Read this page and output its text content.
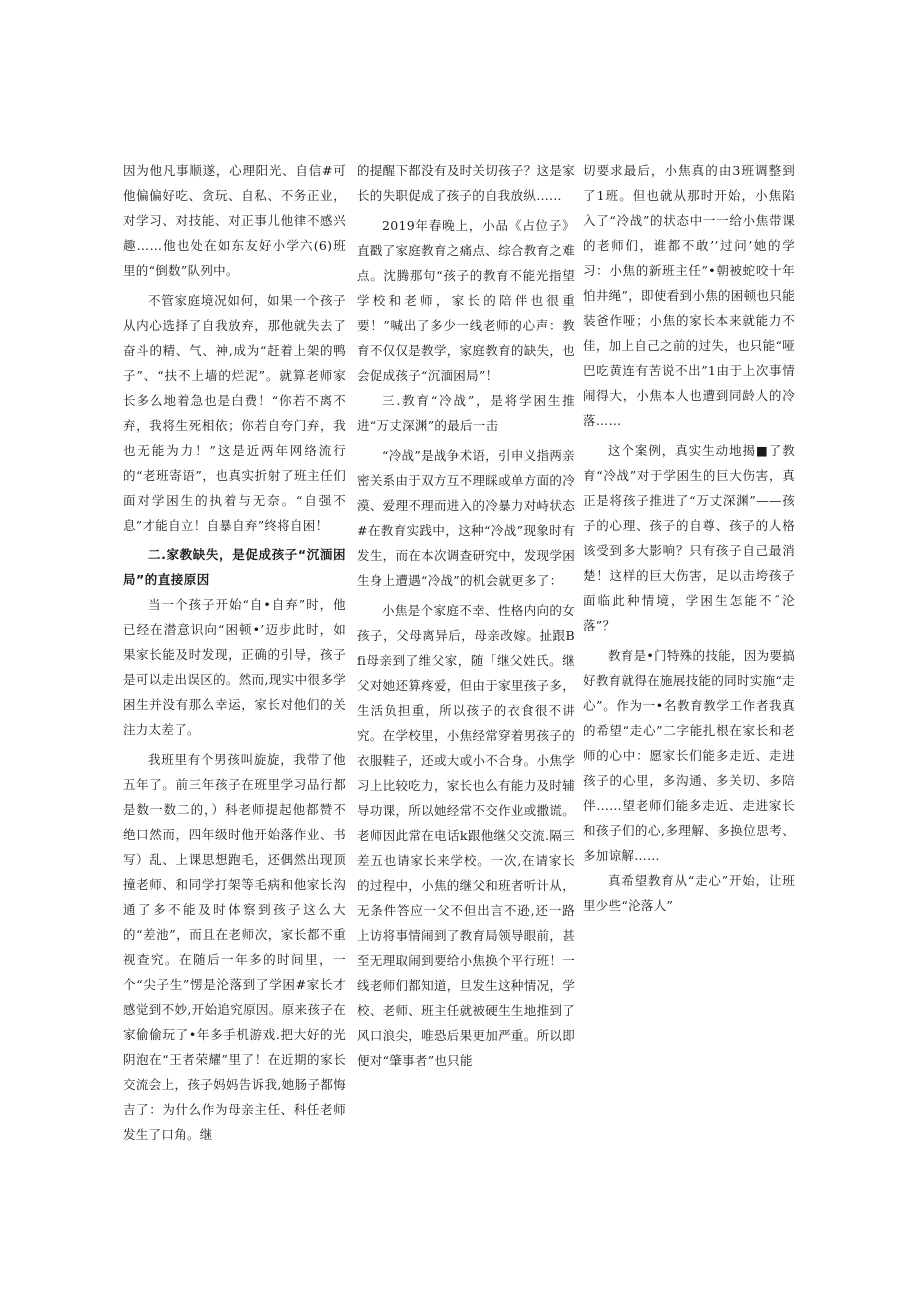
因为他凡事顺遂，心理阳光、自信#可他偏偏好吃、贪玩、自私、不务正业，对学习、对技能、对正事儿他律不感兴趣……他也处在如东友好小学六(6)班里的“倒数”队列中。

不管家庭境况如何，如果一个孩子从内心选择了自我放弃，那他就失去了奋斗的精、气、神,成为“赶着上架的鸭子”、“扶不上墙的烂泥”。就算老师家长多么地着急也是白费！“你若不离不弃，我将生死相依；你若自夸门弃，我也无能为力！”这是近两年网络流行的“老班寄语”，也真实折射了班主任们面对学困生的执着与无奈。“自强不息”才能自立！自暴自弃”终将自困！

二.家教缺失，是促成孩子“沉湎困局”的直接原因

当一个孩子开始“自•自弃”时，他已经在潜意识向“困顿•’迈步此时，如果家长能及时发现，正确的引导，孩子是可以走出误区的。然而,现实中很多学困生并没有那么幸运，家长对他们的关注力太差了。

我班里有个男孩叫旋旋，我带了他五年了。前三年孩子在班里学习品行都是数一数二的，）科老师提起他都赞不绝口然而，四年级时他开始落作业、书写）乱、上课思想跑毛，还偶然出现顶撞老师、和同学打架等毛病和他家长沟通了多不能及时体察到孩子这么大的“差池”，而且在老师次，家长都不重视查究。在随后一年多的时间里，一个“尖子生”愣是沦落到了学困#家长才感觉到不妙,开始追究原因。原来孩子在家偷偷玩了•年多手机游戏.把大好的光阴泡在“王者荣耀”里了！在近期的家长交流会上，孩子妈妈告诉我,她肠子都悔吉了：为什么作为母亲主任、科任老师发生了口角。继

的提醒下都没有及时关切孩子？这是家长的失职促成了孩子的自我放纵……

2019年春晚上，小品《占位子》直戳了家庭教育之痛点、综合教育之难点。沈腾那句“孩子的教育不能光指望学校和老师，家长的陪伴也很重要！”喊出了多少一线老师的心声：教育不仅仅是教学，家庭教育的缺失，也会促成孩子“沉湎困局”！

三.教育“冷战”，是将学困生推进“万丈深渊”的最后一击

“冷战”是战争术语，引申义指两亲密关系由于双方互不理睬或单方面的冷漠、爱理不理而进入的冷暴力对峙状态#在教育实践中，这种“冷战”现象时有发生，而在本次调查研究中，发现学困生身上遭遇“冷战”的机会就更多了：

小焦是个家庭不幸、性格内向的女孩子，父母离异后，母亲改嫁。扯跟Bfi母亲到了维父家，随「继父姓氏。继父对她还算疼爱，但由于家里孩子多，生活负担重，所以孩子的衣食很不讲究。在学校里，小焦经常穿着男孩子的衣服鞋子，还或大或小不合身。小焦学习上比较吃力，家长也么有能力及时辅导功课，所以她经常不交作业或撒谎。老师因此常在电话k跟他继父交流.隔三差五也请家长来学校。一次,在请家长的过程中，小焦的继父和班者听计从，无条件答应一父不但出言不逊,还一路上访将事情闹到了教育局领导眼前，甚至无理取闹到要给小焦换个平行班！一线老师们都知道，旦发生这种情况，学校、老师、班主任就被硬生生地推到了风口浪尖，唯恐后果更加严重。所以即便对“肇事者”也只能

切要求最后，小焦真的由3班调整到了1班。但也就从那时开始，小焦陷入了“冷战”的状态中一一给小焦带课的老师们，谁都不敢’’过问’她的学习：小焦的新班主任”•朝被蛇咬十年怕井绳”，即使看到小焦的困顿也只能装爸作哑；小焦的家长本来就能力不佳，加上自己之前的过失，也只能“哑巴吃黄连有苦说不出”1由于上次事情闹得大，小焦本人也遭到同龄人的冷落……

这个案例，真实生动地揭■了教育“冷战”对于学困生的巨大伤害，真正是将孩子推进了“万丈深渊”——孩子的心理、孩子的自尊、孩子的人格该受到多大影响？只有孩子自己最消楚！这样的巨大伤害，足以击垮孩子面临此种情境，学困生怎能不˝沦落”？

教育是•门特殊的技能，因为要搞好教育就得在施展技能的同时实施“走心”。作为一•名教育教学工作者我真的希望“走心”二字能扎根在家长和老师的心中：愿家长们能多走近、走进孩子的心里，多沟通、多关切、多陪伴……望老师们能多走近、走进家长和孩子们的心,多理解、多换位思考、多加谅解……

真希望教育从“走心”开始，让班里少些“沦落人”
